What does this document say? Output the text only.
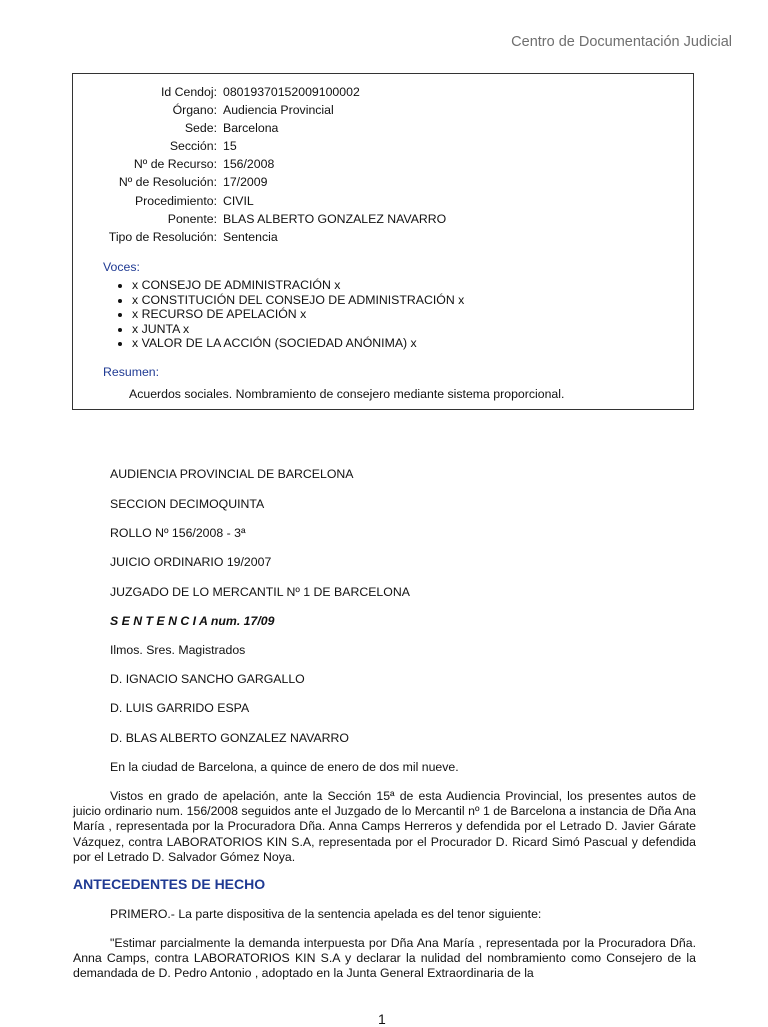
Centro de Documentación Judicial
Id Cendoj:	08019370152009100002
Órgano:	Audiencia Provincial
Sede:	Barcelona
Sección:	15
Nº de Recurso:	156/2008
Nº de Resolución:	17/2009
Procedimiento:	CIVIL
Ponente:	BLAS ALBERTO GONZALEZ NAVARRO
Tipo de Resolución:	Sentencia
Voces:
• x CONSEJO DE ADMINISTRACIÓN x
• x CONSTITUCIÓN DEL CONSEJO DE ADMINISTRACIÓN x
• x RECURSO DE APELACIÓN x
• x JUNTA x
• x VALOR DE LA ACCIÓN (SOCIEDAD ANÓNIMA) x
Resumen:
Acuerdos sociales. Nombramiento de consejero mediante sistema proporcional.
AUDIENCIA PROVINCIAL DE BARCELONA
SECCION DECIMOQUINTA
ROLLO Nº 156/2008 - 3ª
JUICIO ORDINARIO 19/2007
JUZGADO DE LO MERCANTIL Nº 1 DE BARCELONA
S E N T E N C I A num. 17/09
Ilmos. Sres. Magistrados
D. IGNACIO SANCHO GARGALLO
D. LUIS GARRIDO ESPA
D. BLAS ALBERTO GONZALEZ NAVARRO
En la ciudad de Barcelona, a quince de enero de dos mil nueve.

Vistos en grado de apelación, ante la Sección 15ª de esta Audiencia Provincial, los presentes autos de juicio ordinario num. 156/2008 seguidos ante el Juzgado de lo Mercantil nº 1 de Barcelona a instancia de Dña Ana María , representada por la Procuradora Dña. Anna Camps Herreros y defendida por el Letrado D. Javier Gárate Vázquez, contra LABORATORIOS KIN S.A, representada por el Procurador D. Ricard Simó Pascual y defendida por el Letrado D. Salvador Gómez Noya.

ANTECEDENTES DE HECHO

PRIMERO.- La parte dispositiva de la sentencia apelada es del tenor siguiente:

"Estimar parcialmente la demanda interpuesta por Dña Ana María , representada por la Procuradora Dña. Anna Camps, contra LABORATORIOS KIN S.A y declarar la nulidad del nombramiento como Consejero de la demandada de D. Pedro Antonio , adoptado en la Junta General Extraordinaria de la

1
